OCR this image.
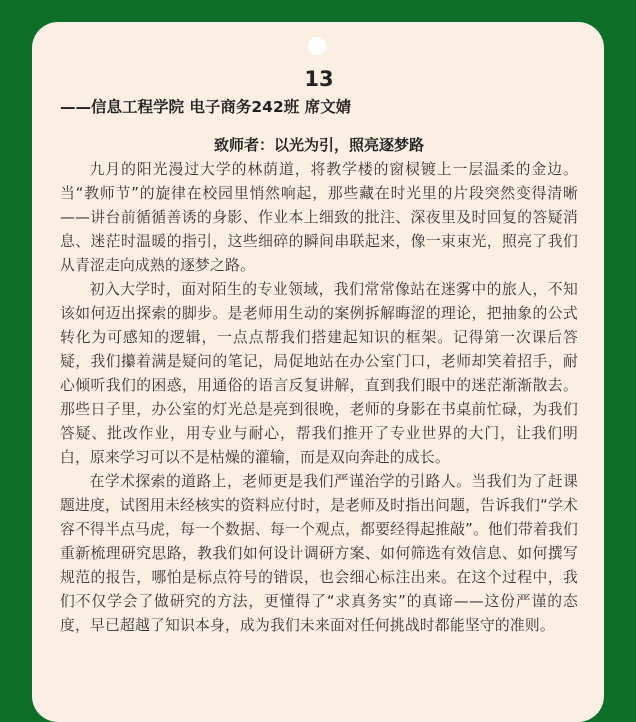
13

——信息工程学院 电子商务242班 席文婧

致师者：以光为引，照亮逐梦路

九月的阳光漫过大学的林荫道，将教学楼的窗棂镀上一层温柔的金边。当“教师节”的旋律在校园里悄然响起，那些藏在时光里的片段突然变得清晰——讲台前循循善诱的身影、作业本上细致的批注、深夜里及时回复的答疑消息、迷茫时温暖的指引，这些细碎的瞬间串联起来，像一束束光，照亮了我们从青涩走向成熟的逐梦之路。

初入大学时，面对陌生的专业领域，我们常常像站在迷雾中的旅人，不知该如何迈出探索的脚步。是老师用生动的案例拆解晦涩的理论，把抽象的公式转化为可感知的逻辑，一点点帮我们搭建起知识的框架。记得第一次课后答疑，我们攥着满是疑问的笔记，局促地站在办公室门口，老师却笑着招手，耐心倾听我们的困惑，用通俗的语言反复讲解，直到我们眼中的迷茫渐渐散去。那些日子里，办公室的灯光总是亮到很晚，老师的身影在书桌前忙碌，为我们答疑、批改作业，用专业与耐心，帮我们推开了专业世界的大门，让我们明白，原来学习可以不是枯燥的灌输，而是双向奔赴的成长。

在学术探索的道路上，老师更是我们严谨治学的引路人。当我们为了赶课题进度，试图用未经核实的资料应付时，是老师及时指出问题，告诉我们“学术容不得半点马虎，每一个数据、每一个观点，都要经得起推敲”。他们带着我们重新梳理研究思路，教我们如何设计调研方案、如何筛选有效信息、如何撰写规范的报告，哪怕是标点符号的错误，也会细心标注出来。在这个过程中，我们不仅学会了做研究的方法，更懂得了“求真务实”的真谛——这份严谨的态度，早已超越了知识本身，成为我们未来面对任何挑战时都能坚守的准则。
